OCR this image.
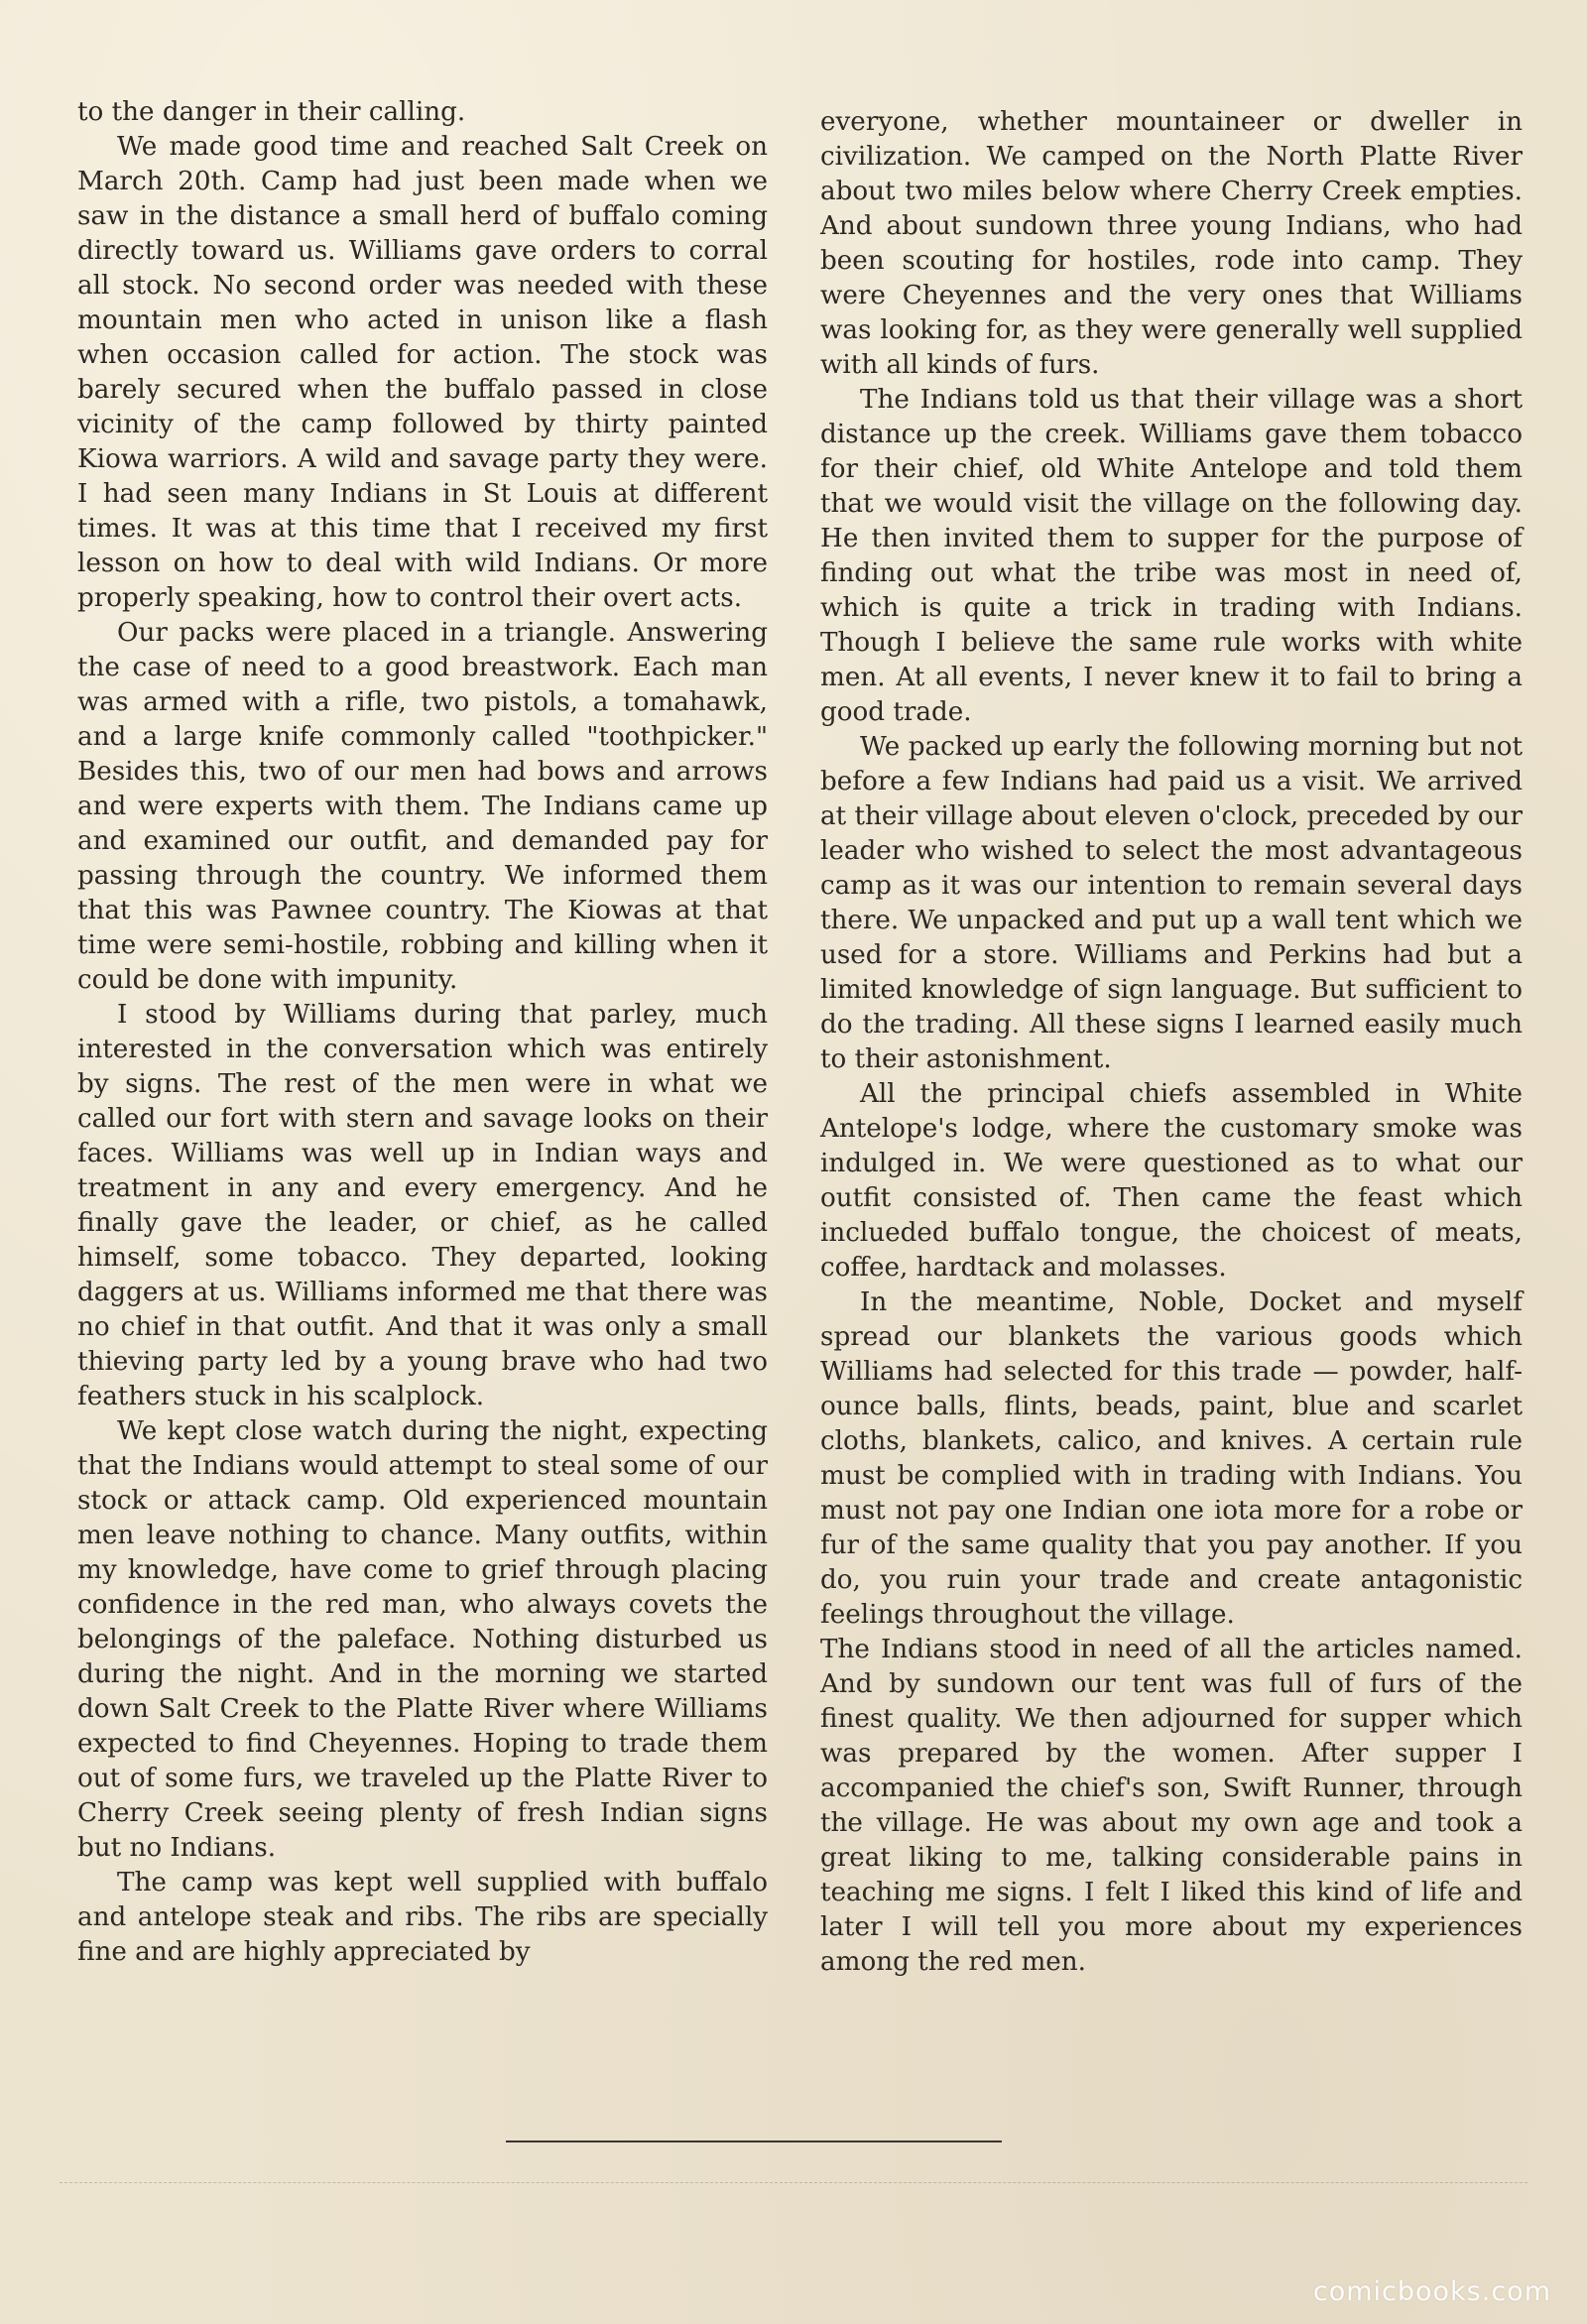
to the danger in their calling.

We made good time and reached Salt Creek on March 20th. Camp had just been made when we saw in the distance a small herd of buffalo coming directly toward us. Williams gave orders to corral all stock. No second order was needed with these mountain men who acted in unison like a flash when occasion called for action. The stock was barely secured when the buffalo passed in close vicinity of the camp followed by thirty painted Kiowa warriors. A wild and savage party they were. I had seen many Indians in St Louis at different times. It was at this time that I received my first lesson on how to deal with wild Indians. Or more properly speaking, how to control their overt acts.

Our packs were placed in a triangle. Answering the case of need to a good breastwork. Each man was armed with a rifle, two pistols, a tomahawk, and a large knife commonly called "toothpicker." Besides this, two of our men had bows and arrows and were experts with them. The Indians came up and examined our outfit, and demanded pay for passing through the country. We informed them that this was Pawnee country. The Kiowas at that time were semi-hostile, robbing and killing when it could be done with impunity.

I stood by Williams during that parley, much interested in the conversation which was entirely by signs. The rest of the men were in what we called our fort with stern and savage looks on their faces. Williams was well up in Indian ways and treatment in any and every emergency. And he finally gave the leader, or chief, as he called himself, some tobacco. They departed, looking daggers at us. Williams informed me that there was no chief in that outfit. And that it was only a small thieving party led by a young brave who had two feathers stuck in his scalplock.

We kept close watch during the night, expecting that the Indians would attempt to steal some of our stock or attack camp. Old experienced mountain men leave nothing to chance. Many outfits, within my knowledge, have come to grief through placing confidence in the red man, who always covets the belongings of the paleface. Nothing disturbed us during the night. And in the morning we started down Salt Creek to the Platte River where Williams expected to find Cheyennes. Hoping to trade them out of some furs, we traveled up the Platte River to Cherry Creek seeing plenty of fresh Indian signs but no Indians.

The camp was kept well supplied with buffalo and antelope steak and ribs. The ribs are specially fine and are highly appreciated by

everyone, whether mountaineer or dweller in civilization. We camped on the North Platte River about two miles below where Cherry Creek empties. And about sundown three young Indians, who had been scouting for hostiles, rode into camp. They were Cheyennes and the very ones that Williams was looking for, as they were generally well supplied with all kinds of furs.

The Indians told us that their village was a short distance up the creek. Williams gave them tobacco for their chief, old White Antelope and told them that we would visit the village on the following day. He then invited them to supper for the purpose of finding out what the tribe was most in need of, which is quite a trick in trading with Indians. Though I believe the same rule works with white men. At all events, I never knew it to fail to bring a good trade.

We packed up early the following morning but not before a few Indians had paid us a visit. We arrived at their village about eleven o'clock, preceded by our leader who wished to select the most advantageous camp as it was our intention to remain several days there. We unpacked and put up a wall tent which we used for a store. Williams and Perkins had but a limited knowledge of sign language. But sufficient to do the trading. All these signs I learned easily much to their astonishment.

All the principal chiefs assembled in White Antelope's lodge, where the customary smoke was indulged in. We were questioned as to what our outfit consisted of. Then came the feast which inclueded buffalo tongue, the choicest of meats, coffee, hardtack and molasses.

In the meantime, Noble, Docket and myself spread our blankets the various goods which Williams had selected for this trade — powder, half-ounce balls, flints, beads, paint, blue and scarlet cloths, blankets, calico, and knives. A certain rule must be complied with in trading with Indians. You must not pay one Indian one iota more for a robe or fur of the same quality that you pay another. If you do, you ruin your trade and create antagonistic feelings throughout the village.

The Indians stood in need of all the articles named. And by sundown our tent was full of furs of the finest quality. We then adjourned for supper which was prepared by the women. After supper I accompanied the chief's son, Swift Runner, through the village. He was about my own age and took a great liking to me, talking considerable pains in teaching me signs. I felt I liked this kind of life and later I will tell you more about my experiences among the red men.

comicbooks.com
